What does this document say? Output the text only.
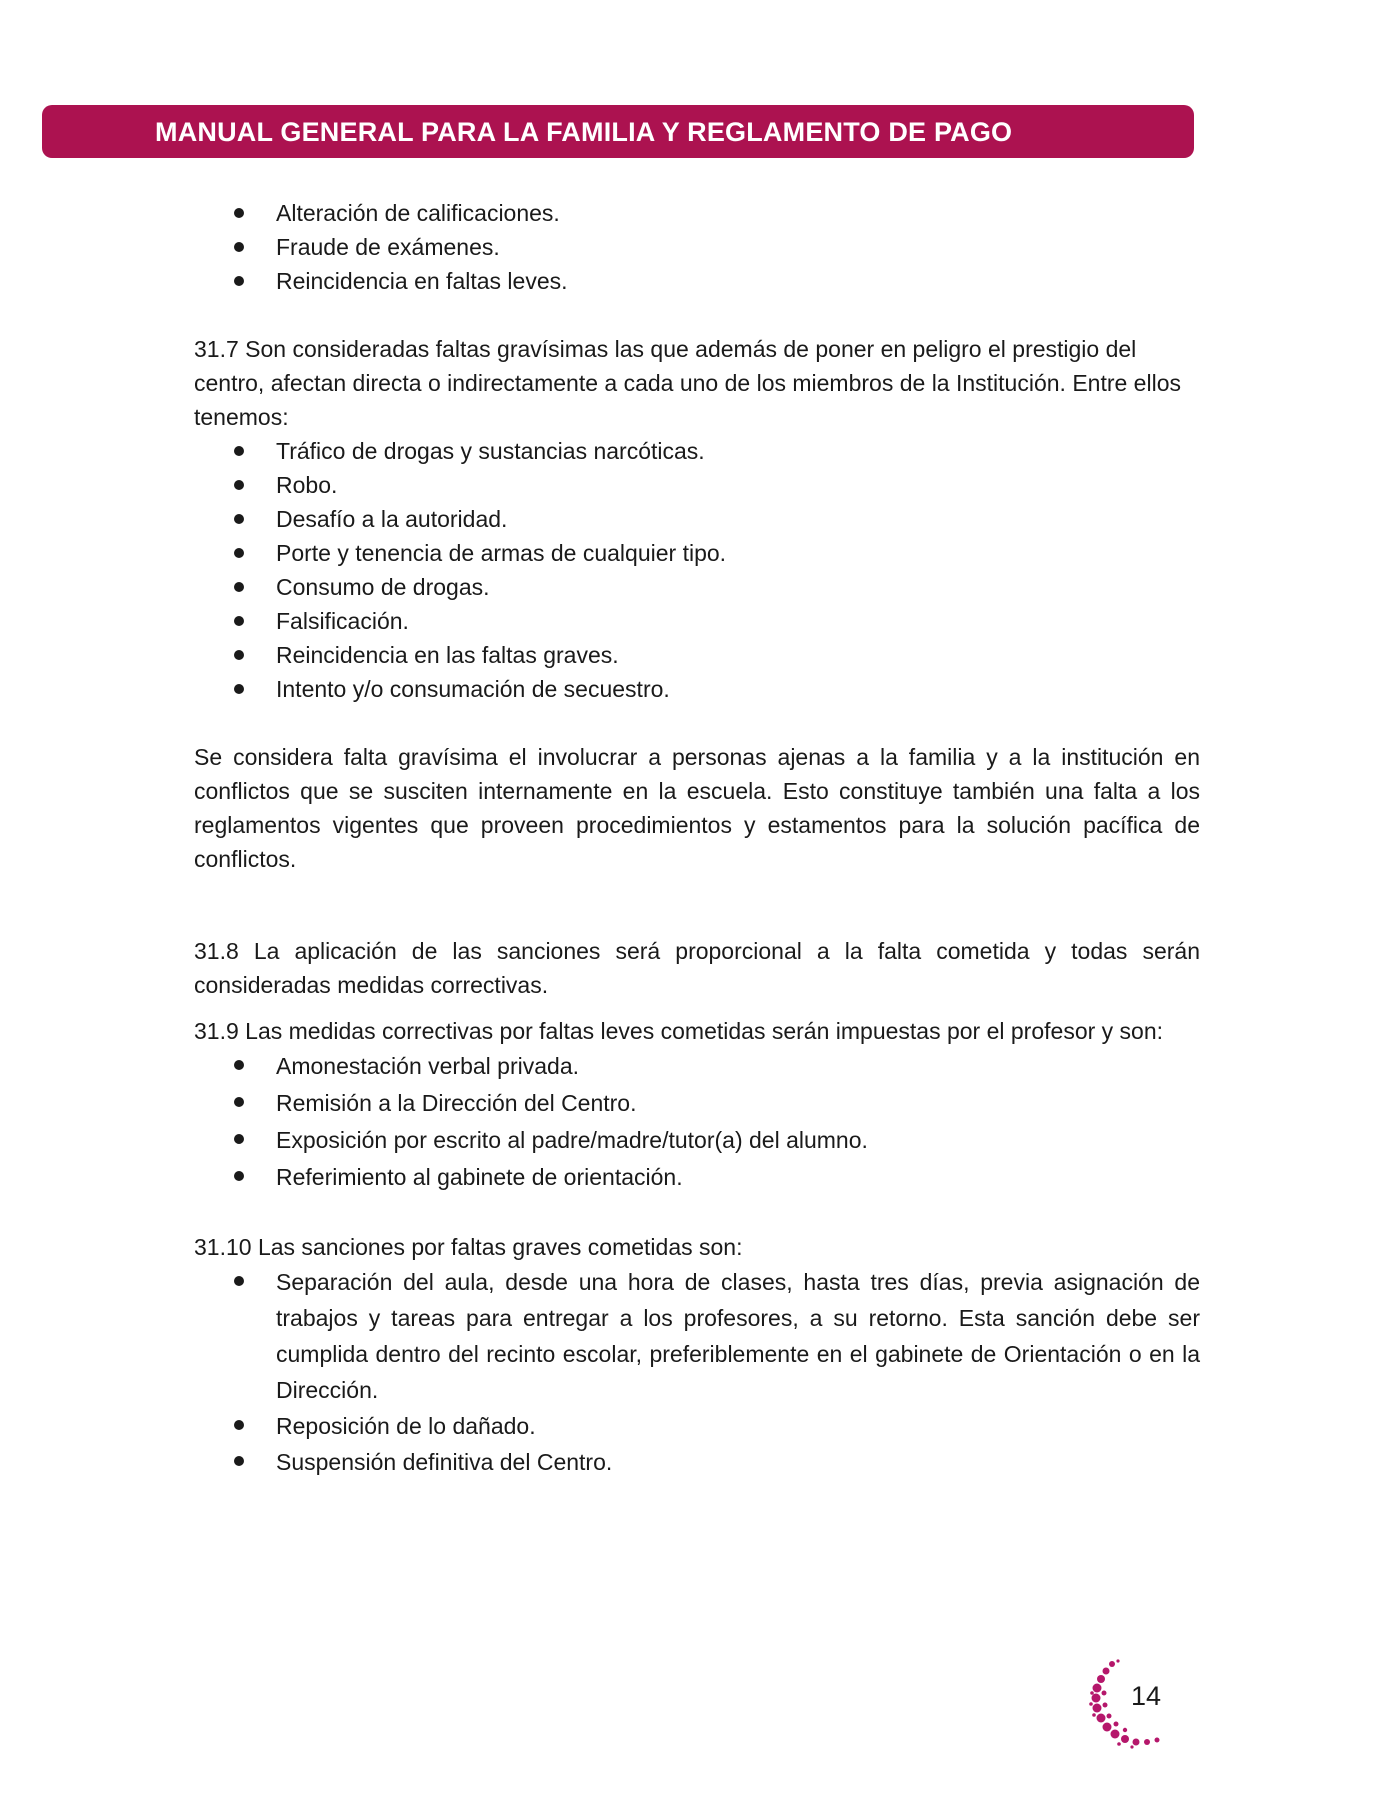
MANUAL GENERAL PARA LA FAMILIA Y REGLAMENTO DE PAGO
Alteración de calificaciones.
Fraude de exámenes.
Reincidencia en faltas leves.

31.7 Son consideradas faltas gravísimas las que además de poner en peligro el prestigio del centro, afectan directa o indirectamente a cada uno de los miembros de la Institución. Entre ellos tenemos:

Tráfico de drogas y sustancias narcóticas.
Robo.
Desafío a la autoridad.
Porte y tenencia de armas de cualquier tipo.
Consumo de drogas.
Falsificación.
Reincidencia en las faltas graves.
Intento y/o consumación de secuestro.

Se considera falta gravísima el involucrar a personas ajenas a la familia y a la institución en conflictos que se susciten internamente en la escuela. Esto constituye también una falta a los reglamentos vigentes que proveen procedimientos y estamentos para la solución pacífica de conflictos.

31.8 La aplicación de las sanciones será proporcional a la falta cometida y todas serán consideradas medidas correctivas.

31.9 Las medidas correctivas por faltas leves cometidas serán impuestas por el profesor y son:

Amonestación verbal privada.
Remisión a la Dirección del Centro.
Exposición por escrito al padre/madre/tutor(a) del alumno.
Referimiento al gabinete de orientación.

31.10 Las sanciones por faltas graves cometidas son:

Separación del aula, desde una hora de clases, hasta tres días, previa asignación de trabajos y tareas para entregar a los profesores, a su retorno. Esta sanción debe ser cumplida dentro del recinto escolar, preferiblemente en el gabinete de Orientación o en la Dirección.
Reposición de lo dañado.
Suspensión definitiva del Centro.
14
